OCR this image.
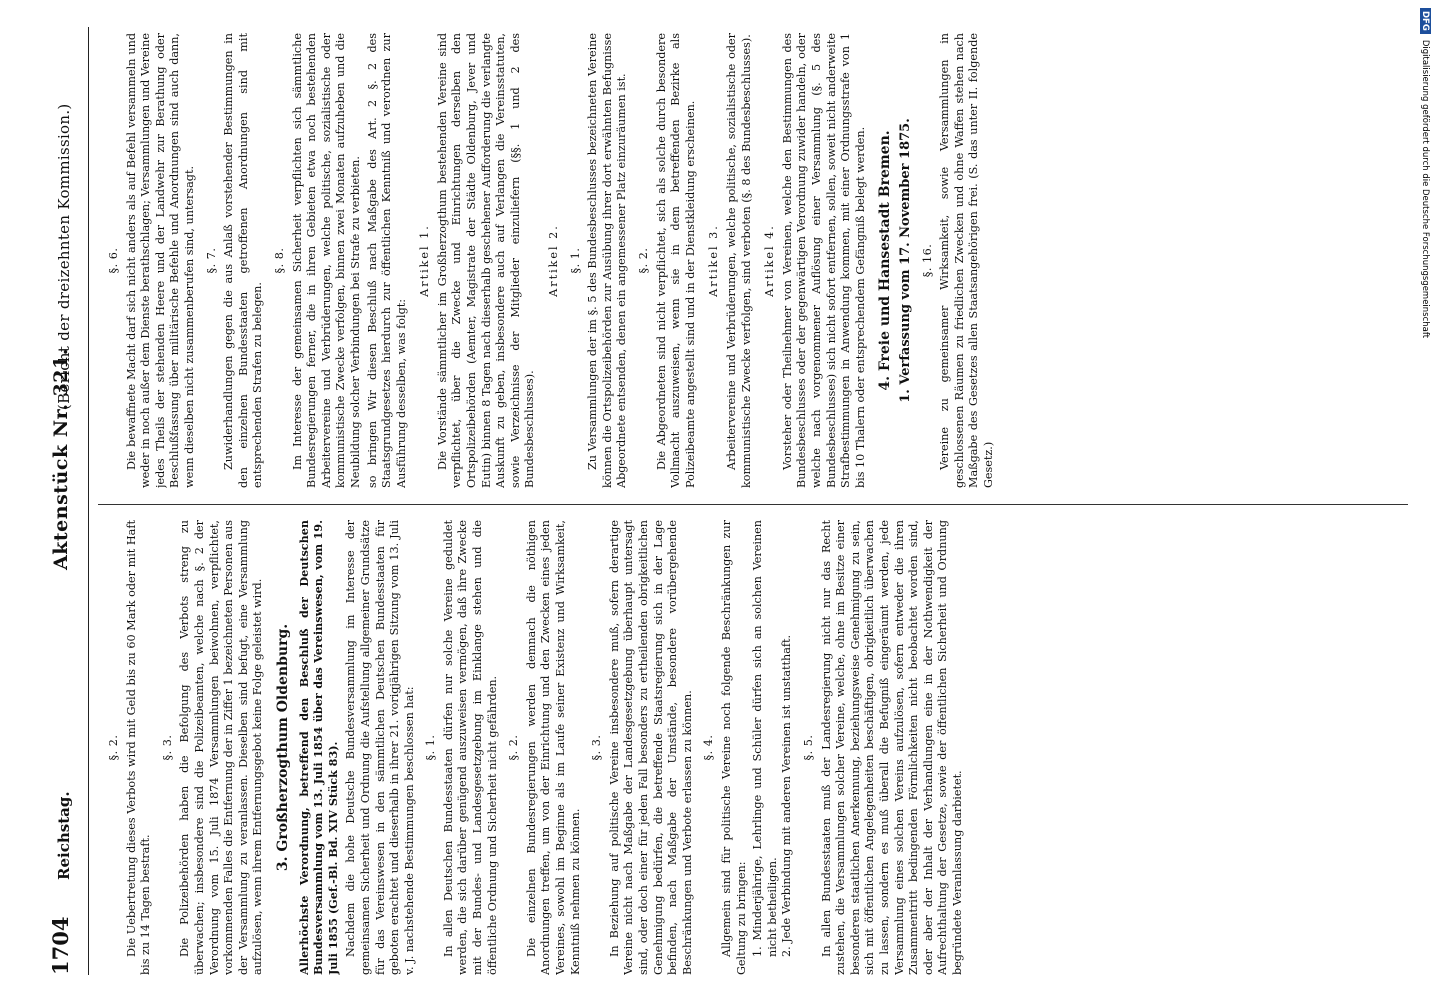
1704
Reichstag.
Aktenstück Nr. 321.
(Bericht der dreizehnten Kommission.)
§. 2. Die Uebertretung dieses Verbots wird mit Geld bis zu 60 Mark oder mit Haft bis zu 14 Tagen bestraft.

§. 3. Die Polizeibehörden haben die Befolgung des Verbots streng zu überwachen; insbesondere sind die Polizeibeamten, welche nach §. 2 der Verordnung vom 15. Juli 1874 Versammlungen beiwohnen, verpflichtet, vorkommenden Falles die Entfernung der in Ziffer 1 bezeichneten Personen aus der Versammlung zu veranlassen. Dieselben sind befugt, eine Versammlung aufzulösen, wenn ihrem Entfernungsgebot keine Folge geleistet wird. 3. Großherzogthum Oldenburg. Allerhöchste Verordnung, betreffend den Beschluß der Deutschen Bundesversammlung vom 13. Juli 1854 über das Vereinswesen, vom 19. Juli 1855 (Gef.-Bl. Bd. XIV Stück 83). Nachdem die hohe Deutsche Bundesversammlung im Interesse der gemeinsamen Sicherheit und Ordnung die Aufstellung allgemeiner Grundsätze für das Vereinswesen in den sämmtlichen Deutschen Bundesstaaten für geboten erachtet und dieserhalb in ihrer 21. vorigjährigen Sitzung vom 13. Juli v. J. nachstehende Bestimmungen beschlossen hat: §. 1. In allen Deutschen Bundesstaaten dürfen nur solche Vereine geduldet werden, die sich darüber genügend auszuweisen vermögen, daß ihre Zwecke mit der Bundes- und Landesgesetzgebung im Einklange stehen und die öffentliche Ordnung und Sicherheit nicht gefährden. §. 2. Die einzelnen Bundesregierungen werden demnach die nöthigen Anordnungen treffen, um von der Einrichtung und den Zwecken eines jeden Vereines, sowohl im Beginne als im Laufe seiner Existenz und Wirksamkeit, Kenntniß nehmen zu können.

§. 3. In Beziehung auf politische Vereine insbesondere muß, sofern derartige Vereine nicht nach Maßgabe der Landesgesetzgebung überhaupt untersagt sind, oder doch einer für jeden Fall besonders zu ertheilenden obrigkeitlichen Genehmigung bedürfen, die betreffende Staatsregierung sich in der Lage befinden, nach Maßgabe der Umstände, besondere vorübergehende Beschränkungen und Verbote erlassen zu können. §. 4. Allgemein sind für politische Vereine noch folgende Beschränkungen zur Geltung zu bringen: 1. Minderjährige, Lehrlinge und Schüler dürfen sich an solchen Vereinen nicht betheiligen. 2. Jede Verbindung mit anderen Vereinen ist unstatthaft. §. 5. In allen Bundesstaaten muß der Landesregierung nicht nur das Recht zustehen, die Versammlungen solcher Vereine, welche, ohne im Besitze einer besonderen staatlichen Anerkennung, beziehungsweise Genehmigung zu sein, sich mit öffentlichen Angelegenheiten beschäftigen, obrigkeitlich überwachen zu lassen, sondern es muß überall die Befugniß eingeräumt werden, jede Versammlung eines solchen Vereins aufzulösen, sofern entweder die ihren Zusammentritt bedingenden Förmlichkeiten nicht beobachtet worden sind, oder aber der Inhalt der Verhandlungen eine in der Nothwendigkeit der Aufrechthaltung der Gesetze, sowie der öffentlichen Sicherheit und Ordnung begründete Veranlassung darbietet.

§. 6. Die bewaffnete Macht darf sich nicht anders als auf Befehl versammeln und weder in noch außer dem Dienste berathschlagen; Versammlungen und Vereine jedes Theils der stehenden Heere und der Landwehr zur Berathung oder Beschlußfassung über militärische Befehle und Anordnungen sind auch dann, wenn dieselben nicht zusammenberufen sind, untersagt. §. 7. Zuwiderhandlungen gegen die aus Anlaß vorstehender Bestimmungen in den einzelnen Bundesstaaten getroffenen Anordnungen sind mit entsprechenden Strafen zu belegen.

§. 8. Im Interesse der gemeinsamen Sicherheit verpflichten sich sämmtliche Bundesregierungen ferner, die in ihren Gebieten etwa noch bestehenden Arbeitervereine und Verbrüderungen, welche politische, sozialistische oder kommunistische Zwecke verfolgen, binnen zwei Monaten aufzuheben und die Neubildung solcher Verbindungen bei Strafe zu verbieten. so bringen Wir diesen Beschluß nach Maßgabe des Art. 2 §. 2 des Staatsgrundgesetzes hierdurch zur öffentlichen Kenntniß und verordnen zur Ausführung desselben, was folgt:

Artikel 1. Die Vorstände sämmtlicher im Großherzogthum bestehenden Vereine sind verpflichtet, über die Zwecke und Einrichtungen derselben den Ortspolizeibehörden (Aemter, Magistrate der Städte Oldenburg, Jever und Eutin) binnen 8 Tagen nach dieserhalb geschehener Aufforderung die verlangte Auskunft zu geben, insbesondere auch auf Verlangen die Vereinsstatuten, sowie Verzeichnisse der Mitglieder einzuliefern (§§. 1 und 2 des Bundesbeschlusses).

Artikel 2. §. 1. Zu Versammlungen der im §. 5 des Bundesbeschlusses bezeichneten Vereine können die Ortspolizeibehörden zur Ausübung ihrer dort erwähnten Befugnisse Abgeordnete entsenden, denen ein angemessener Platz einzuräumen ist. §. 2. Die Abgeordneten sind nicht verpflichtet, sich als solche durch besondere Vollmacht auszuweisen, wenn sie in dem betreffenden Bezirke als Polizeibeamte angestellt sind und in der Dienstkleidung erscheinen. Artikel 3. Arbeitervereine und Verbrüderungen, welche politische, sozialistische oder kommunistische Zwecke verfolgen, sind verboten (§. 8 des Bundesbeschlusses). Artikel 4. Vorsteher oder Theilnehmer von Vereinen, welche den Bestimmungen des Bundesbeschlusses oder der gegenwärtigen Verordnung zuwider handeln, oder welche nach vorgenommener Auflösung einer Versammlung (§. 5 des Bundesbeschlusses) sich nicht sofort entfernen, sollen, soweit nicht anderweite Strafbestimmungen in Anwendung kommen, mit einer Ordnungsstrafe von 1 bis 10 Thalern oder entsprechendem Gefängniß belegt werden. 4. Freie und Hansestadt Bremen. 1. Verfassung vom 17. November 1875. §. 16. Vereine zu gemeinsamer Wirksamkeit, sowie Versammlungen in geschlossenen Räumen zu friedlichen Zwecken und ohne Waffen stehen nach Maßgabe des Gesetzes allen Staatsangehörigen frei. (S. das unter II. folgende Gesetz.)

DFGDigitalisierung gefördert durch die Deutsche Forschungsgemeinschaft
